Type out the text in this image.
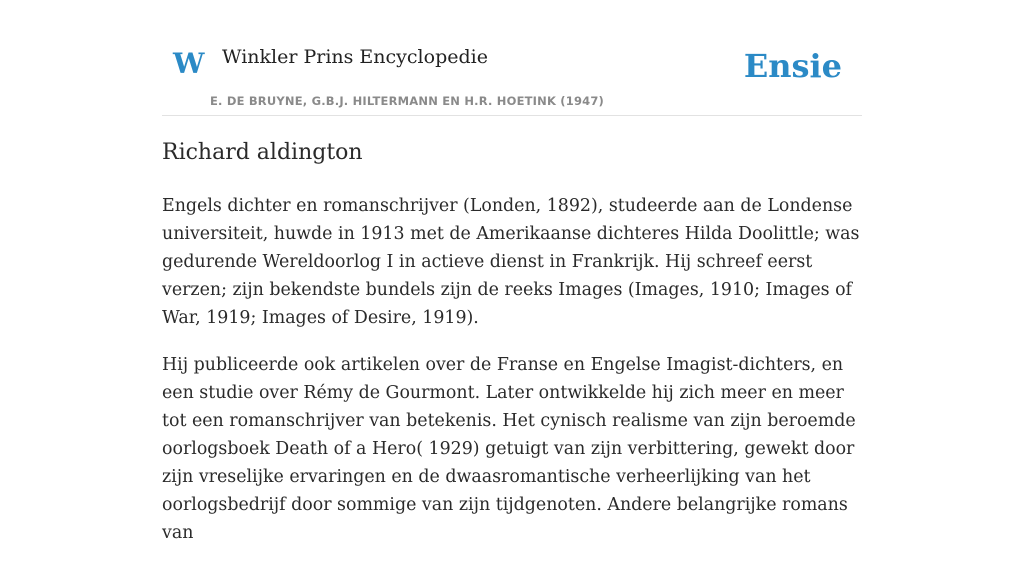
W Winkler Prins Encyclopedie
E. DE BRUYNE, G.B.J. HILTERMANN EN H.R. HOETINK (1947)
Ensie
Richard aldington

Engels dichter en romanschrijver (Londen, 1892), studeerde aan de Londense universiteit, huwde in 1913 met de Amerikaanse dichteres Hilda Doolittle; was gedurende Wereldoorlog I in actieve dienst in Frankrijk. Hij schreef eerst verzen; zijn bekendste bundels zijn de reeks Images (Images, 1910; Images of War, 1919; Images of Desire, 1919).

Hij publiceerde ook artikelen over de Franse en Engelse Imagist-dichters, en een studie over Rémy de Gourmont. Later ontwikkelde hij zich meer en meer tot een romanschrijver van betekenis. Het cynisch realisme van zijn beroemde oorlogsboek Death of a Hero( 1929) getuigt van zijn verbittering, gewekt door zijn vreselijke ervaringen en de dwaasromantische verheerlijking van het oorlogsbedrijf door sommige van zijn tijdgenoten. Andere belangrijke romans van
